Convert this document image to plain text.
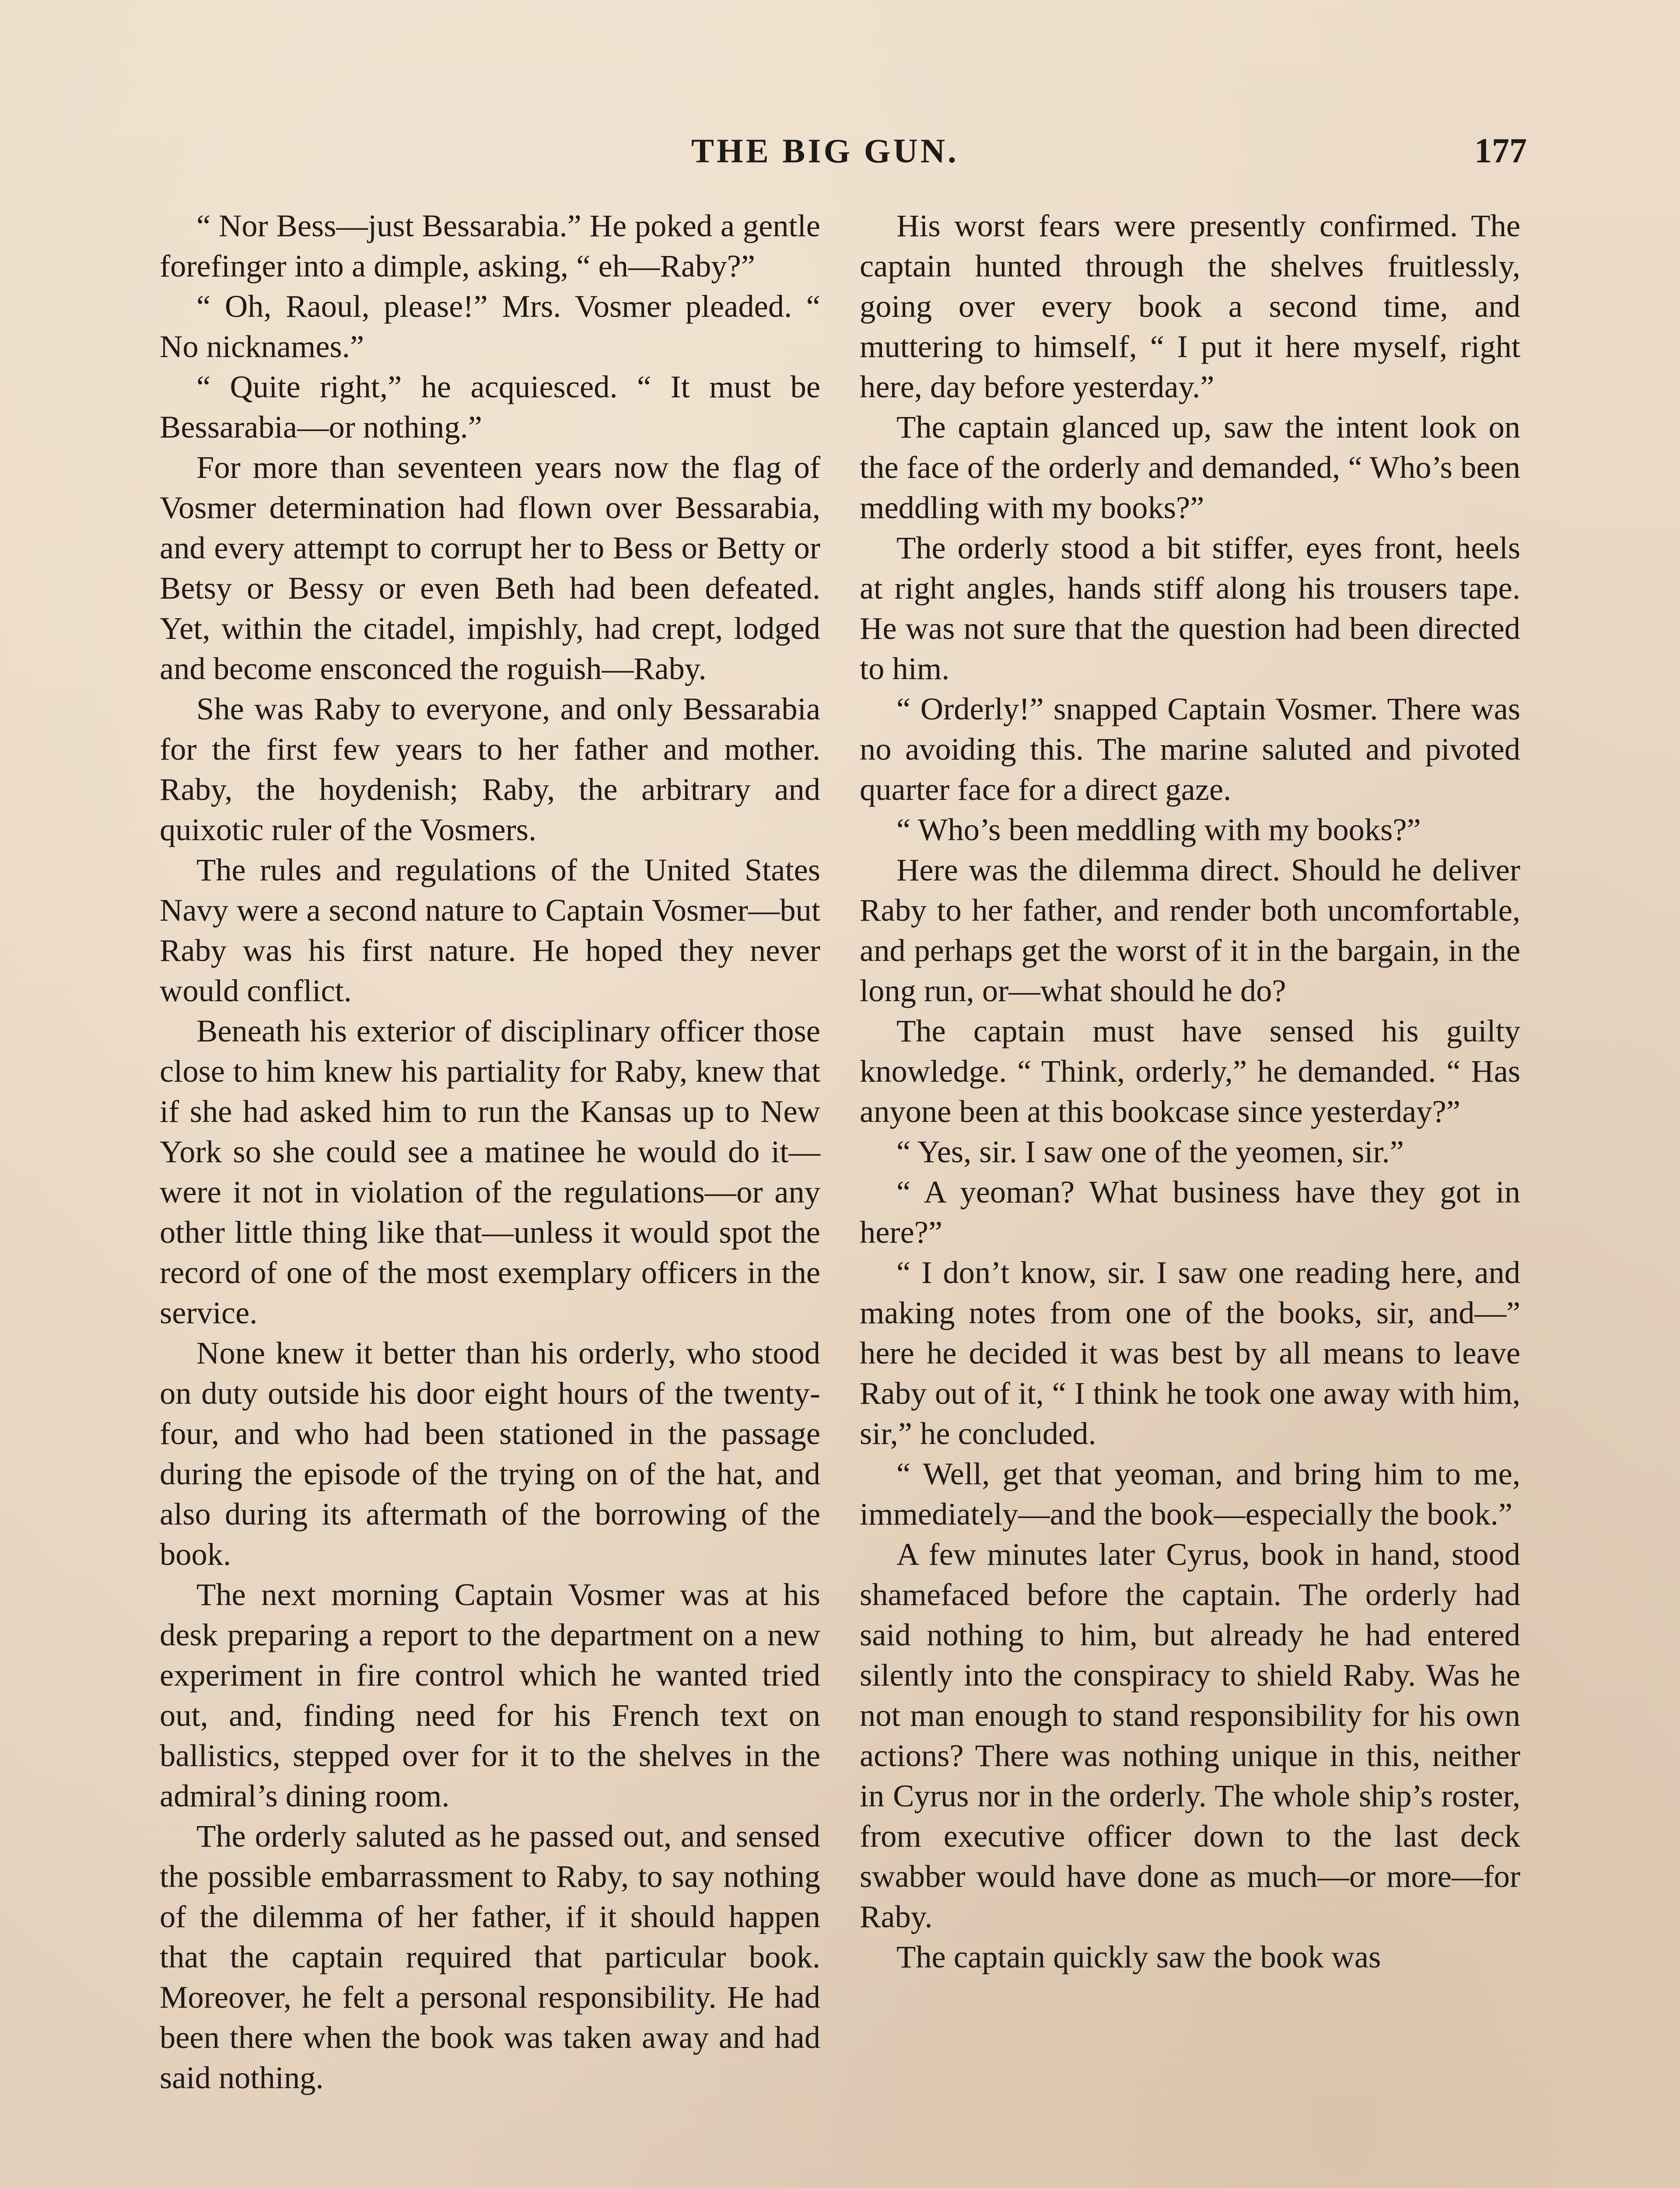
THE BIG GUN.	177

“ Nor Bess—just Bessarabia.” He poked a gentle forefinger into a dimple, asking, “ eh—Raby?”

“ Oh, Raoul, please!” Mrs. Vosmer pleaded. “ No nicknames.”

“ Quite right,” he acquiesced. “ It must be Bessarabia—or nothing.”

For more than seventeen years now the flag of Vosmer determination had flown over Bessarabia, and every attempt to corrupt her to Bess or Betty or Betsy or Bessy or even Beth had been defeated. Yet, within the citadel, impishly, had crept, lodged and become ensconced the roguish—Raby.

She was Raby to everyone, and only Bessarabia for the first few years to her father and mother. Raby, the hoydenish; Raby, the arbitrary and quixotic ruler of the Vosmers.

The rules and regulations of the United States Navy were a second nature to Captain Vosmer—but Raby was his first nature. He hoped they never would conflict.

Beneath his exterior of disciplinary officer those close to him knew his partiality for Raby, knew that if she had asked him to run the Kansas up to New York so she could see a matinee he would do it—were it not in violation of the regulations—or any other little thing like that—unless it would spot the record of one of the most exemplary officers in the service.

None knew it better than his orderly, who stood on duty outside his door eight hours of the twenty-four, and who had been stationed in the passage during the episode of the trying on of the hat, and also during its aftermath of the borrowing of the book.

The next morning Captain Vosmer was at his desk preparing a report to the department on a new experiment in fire control which he wanted tried out, and, finding need for his French text on ballistics, stepped over for it to the shelves in the admiral’s dining room.

The orderly saluted as he passed out, and sensed the possible embarrassment to Raby, to say nothing of the dilemma of her father, if it should happen that the captain required that particular book. Moreover, he felt a personal responsibility. He had been there when the book was taken away and had said nothing.

His worst fears were presently confirmed. The captain hunted through the shelves fruitlessly, going over every book a second time, and muttering to himself, “ I put it here myself, right here, day before yesterday.”

The captain glanced up, saw the intent look on the face of the orderly and demanded, “ Who’s been meddling with my books?”

The orderly stood a bit stiffer, eyes front, heels at right angles, hands stiff along his trousers tape. He was not sure that the question had been directed to him.

“ Orderly!” snapped Captain Vosmer. There was no avoiding this. The marine saluted and pivoted quarter face for a direct gaze.

“ Who’s been meddling with my books?”

Here was the dilemma direct. Should he deliver Raby to her father, and render both uncomfortable, and perhaps get the worst of it in the bargain, in the long run, or—what should he do?

The captain must have sensed his guilty knowledge. “ Think, orderly,” he demanded. “ Has anyone been at this bookcase since yesterday?”

“ Yes, sir. I saw one of the yeomen, sir.”

“ A yeoman? What business have they got in here?”

“ I don’t know, sir. I saw one reading here, and making notes from one of the books, sir, and—” here he decided it was best by all means to leave Raby out of it, “ I think he took one away with him, sir,” he concluded.

“ Well, get that yeoman, and bring him to me, immediately—and the book—especially the book.”

A few minutes later Cyrus, book in hand, stood shamefaced before the captain. The orderly had said nothing to him, but already he had entered silently into the conspiracy to shield Raby. Was he not man enough to stand responsibility for his own actions? There was nothing unique in this, neither in Cyrus nor in the orderly. The whole ship’s roster, from executive officer down to the last deck swabber would have done as much—or more—for Raby.

The captain quickly saw the book was
